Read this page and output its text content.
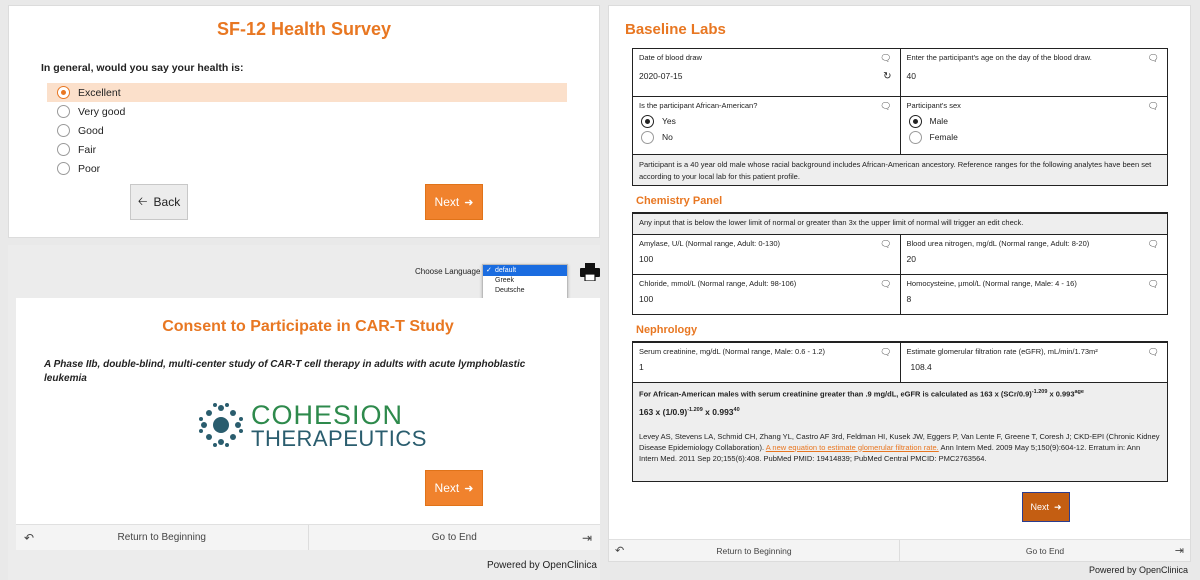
SF-12 Health Survey
In general, would you say your health is:
Excellent
Very good
Good
Fair
Poor
🡠 Back	Next ➜
Choose Language ✓ default
Greek
Deutsche
Consent to Participate in CAR-T Study
A Phase IIb, double-blind, multi-center study of CAR-T cell therapy in adults with acute lymphoblastic leukemia
COHESION
THERAPEUTICS
Next ➜
↶	Return to Beginning	Go to End	⇥
Powered by OpenClinica
Baseline Labs
Date of blood draw
2020-07-15
🗨
↻
Enter the participant's age on the day of the blood draw.
40
🗨
Is the participant African-American?
Yes
No
🗨 Participant's sex
Male
Female
🗨
Participant is a 40 year old male whose racial background includes African-American ancestory. Reference ranges for the following analytes have been set according to your local lab for this patient profile.
Chemistry Panel
Any input that is below the lower limit of normal or greater than 3x the upper limit of normal will trigger an edit check.
Amylase, U/L (Normal range, Adult: 0-130)
100
🗨 Blood urea nitrogen, mg/dL (Normal range, Adult: 8-20)
20
🗨
Chloride, mmol/L (Normal range, Adult: 98-106)
100
🗨 Homocysteine, µmol/L (Normal range, Male: 4 - 16)
8
🗨
Nephrology
Serum creatinine, mg/dL (Normal range, Male: 0.6 - 1.2)
1
🗨 Estimate glomerular filtration rate (eGFR), mL/min/1.73m²
108.4
🗨
For African-American males with serum creatinine greater than .9 mg/dL, eGFR is calculated as 163 x $(SCr/0.9)^{-1.209}$ x 0.993$^{age}$
163 x $(1/0.9)^{-1.209}$ x 0.993$^{40}$
Levey AS, Stevens LA, Schmid CH, Zhang YL, Castro AF 3rd, Feldman HI, Kusek JW, Eggers P, Van Lente F, Greene T, Coresh J; CKD-EPI (Chronic Kidney Disease Epidemiology Collaboration). A new equation to estimate glomerular filtration rate. Ann Intern Med. 2009 May 5;150(9):604-12. Erratum in: Ann Intern Med. 2011 Sep 20;155(6):408. PubMed PMID: 19414839; PubMed Central PMCID: PMC2763564.
Next ➜
↶	Return to Beginning	Go to End	⇥
Powered by OpenClinica
